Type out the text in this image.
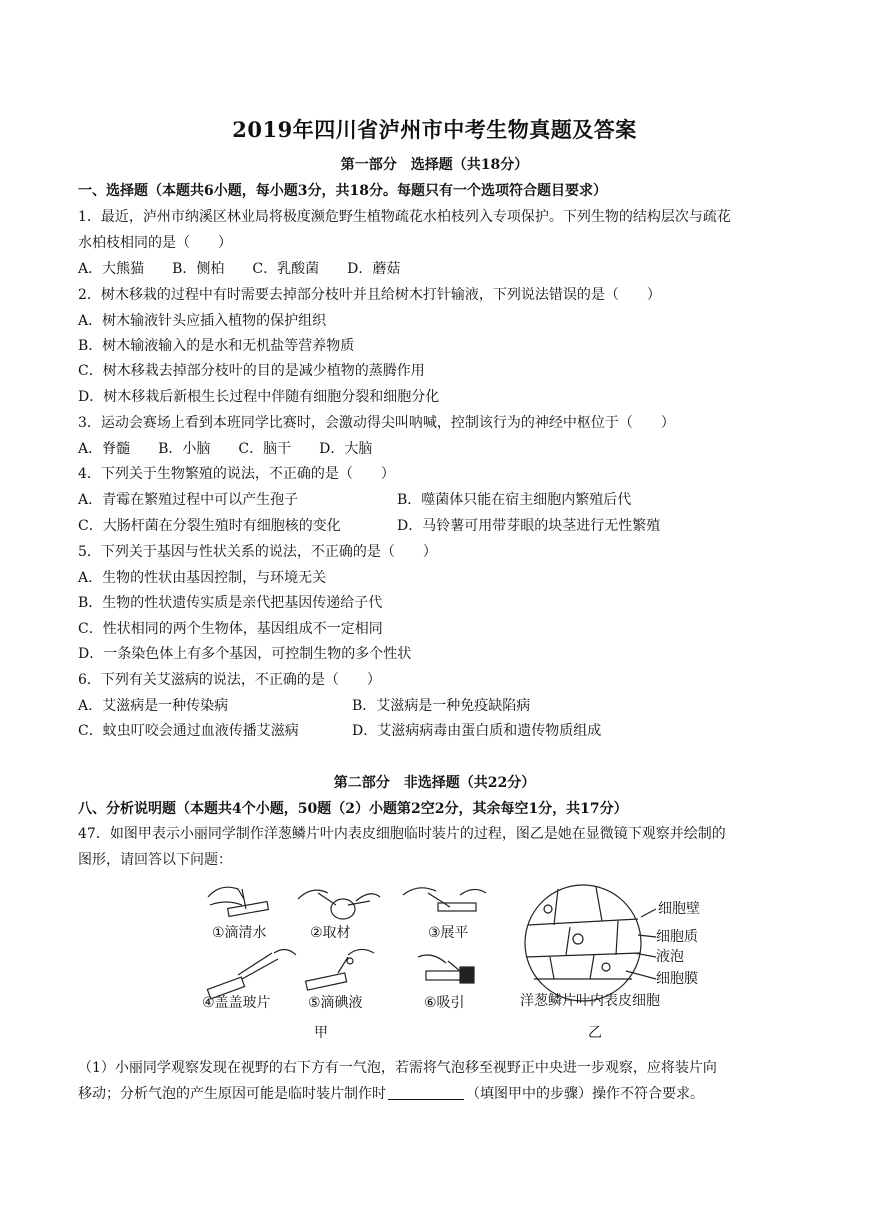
2019年四川省泸州市中考生物真题及答案
第一部分　选择题（共18分）
一、选择题（本题共6小题，每小题3分，共18分。每题只有一个选项符合题目要求）
1．最近，泸州市纳溪区林业局将极度濒危野生植物疏花水柏枝列入专项保护。下列生物的结构层次与疏花
水柏枝相同的是（　　）
A．大熊猫　　B．侧柏　　C．乳酸菌　　D．蘑菇
2．树木移栽的过程中有时需要去掉部分枝叶并且给树木打针输液，下列说法错误的是（　　）
A．树木输液针头应插入植物的保护组织
B．树木输液输入的是水和无机盐等营养物质
C．树木移栽去掉部分枝叶的目的是减少植物的蒸腾作用
D．树木移栽后新根生长过程中伴随有细胞分裂和细胞分化
3．运动会赛场上看到本班同学比赛时，会激动得尖叫呐喊，控制该行为的神经中枢位于（　　）
A．脊髓　　B．小脑　　C．脑干　　D．大脑
4．下列关于生物繁殖的说法，不正确的是（　　）
A．青霉在繁殖过程中可以产生孢子	B．噬菌体只能在宿主细胞内繁殖后代
C．大肠杆菌在分裂生殖时有细胞核的变化	D．马铃薯可用带芽眼的块茎进行无性繁殖
5．下列关于基因与性状关系的说法，不正确的是（　　）
A．生物的性状由基因控制，与环境无关
B．生物的性状遗传实质是亲代把基因传递给子代
C．性状相同的两个生物体，基因组成不一定相同
D．一条染色体上有多个基因，可控制生物的多个性状
6．下列有关艾滋病的说法，不正确的是（　　）
A．艾滋病是一种传染病	B．艾滋病是一种免疫缺陷病
C．蚊虫叮咬会通过血液传播艾滋病	D．艾滋病病毒由蛋白质和遗传物质组成
第二部分　非选择题（共22分）
八、分析说明题（本题共4个小题，50题（2）小题第2空2分，其余每空1分，共17分）
47．如图甲表示小丽同学制作洋葱鳞片叶内表皮细胞临时装片的过程，图乙是她在显微镜下观察并绘制的
图形，请回答以下问题：
①滴清水	②取材	③展平
④盖盖玻片	⑤滴碘液	⑥吸引
细胞壁
细胞质
液泡
细胞膜
洋葱鳞片叶内表皮细胞
甲	乙
（1）小丽同学观察发现在视野的右下方有一气泡，若需将气泡移至视野正中央进一步观察，应将装片向
移动；分析气泡的产生原因可能是临时装片制作时	（填图甲中的步骤）操作不符合要求。
